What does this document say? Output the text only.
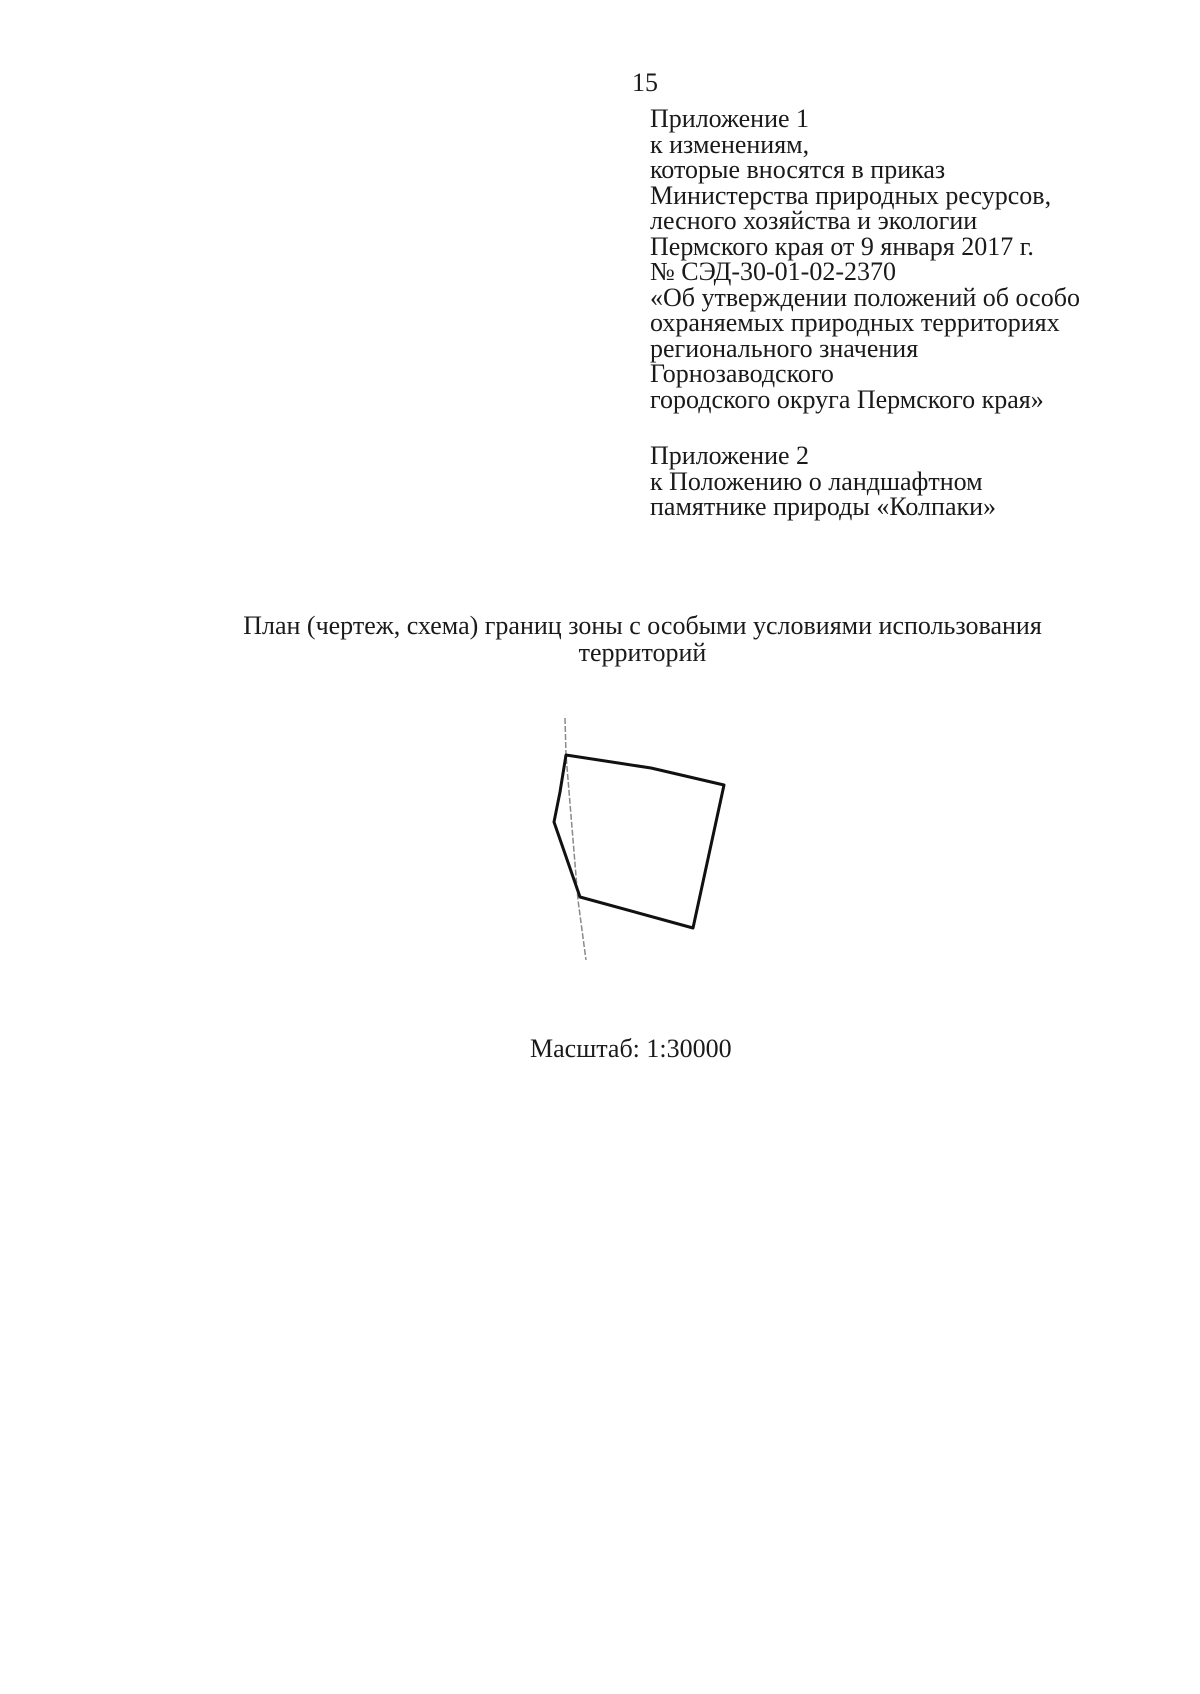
15
Приложение 1
к изменениям,
которые вносятся в приказ
Министерства природных ресурсов,
лесного хозяйства и экологии
Пермского края от 9 января 2017 г.
№ СЭД-30-01-02-2370
«Об утверждении положений об особо
охраняемых природных территориях
регионального значения
Горнозаводского
городского округа Пермского края»
Приложение 2
к Положению о ландшафтном
памятнике природы «Колпаки»
План (чертеж, схема) границ зоны с особыми условиями использования
территорий
Масштаб: 1:30000
